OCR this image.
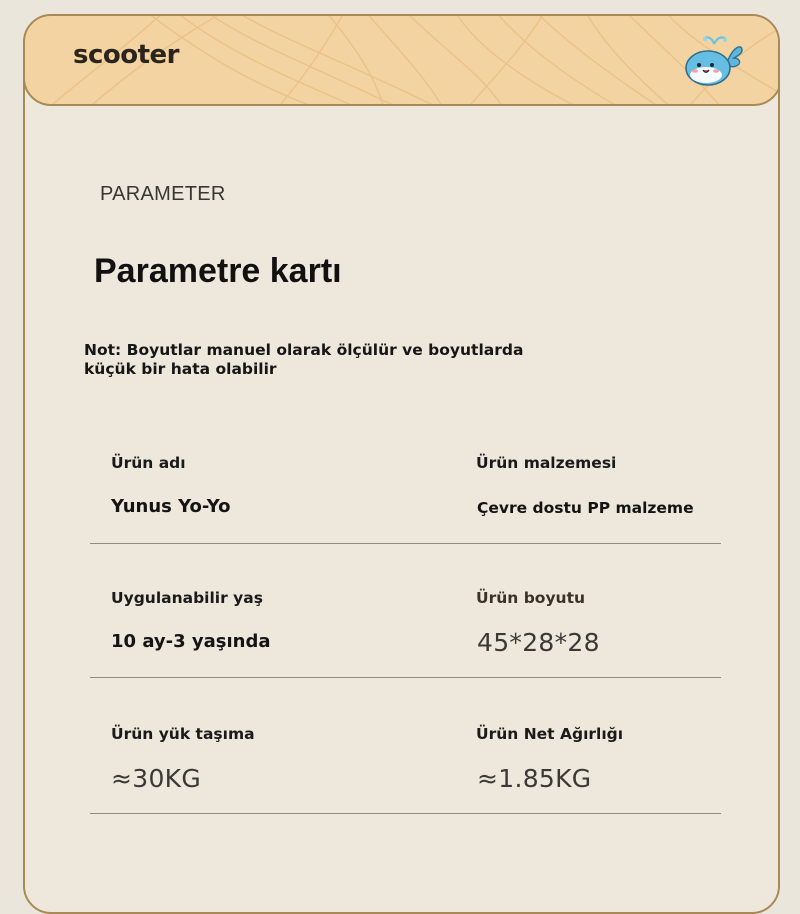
scooter
PARAMETER
Parametre kartı
Not: Boyutlar manuel olarak ölçülür ve boyutlarda küçük bir hata olabilir
Ürün adı
Yunus Yo-Yo
Ürün malzemesi
Çevre dostu PP malzeme
Uygulanabilir yaş
10 ay-3 yaşında
Ürün boyutu
45*28*28
Ürün yük taşıma
≈30KG
Ürün Net Ağırlığı
≈1.85KG
